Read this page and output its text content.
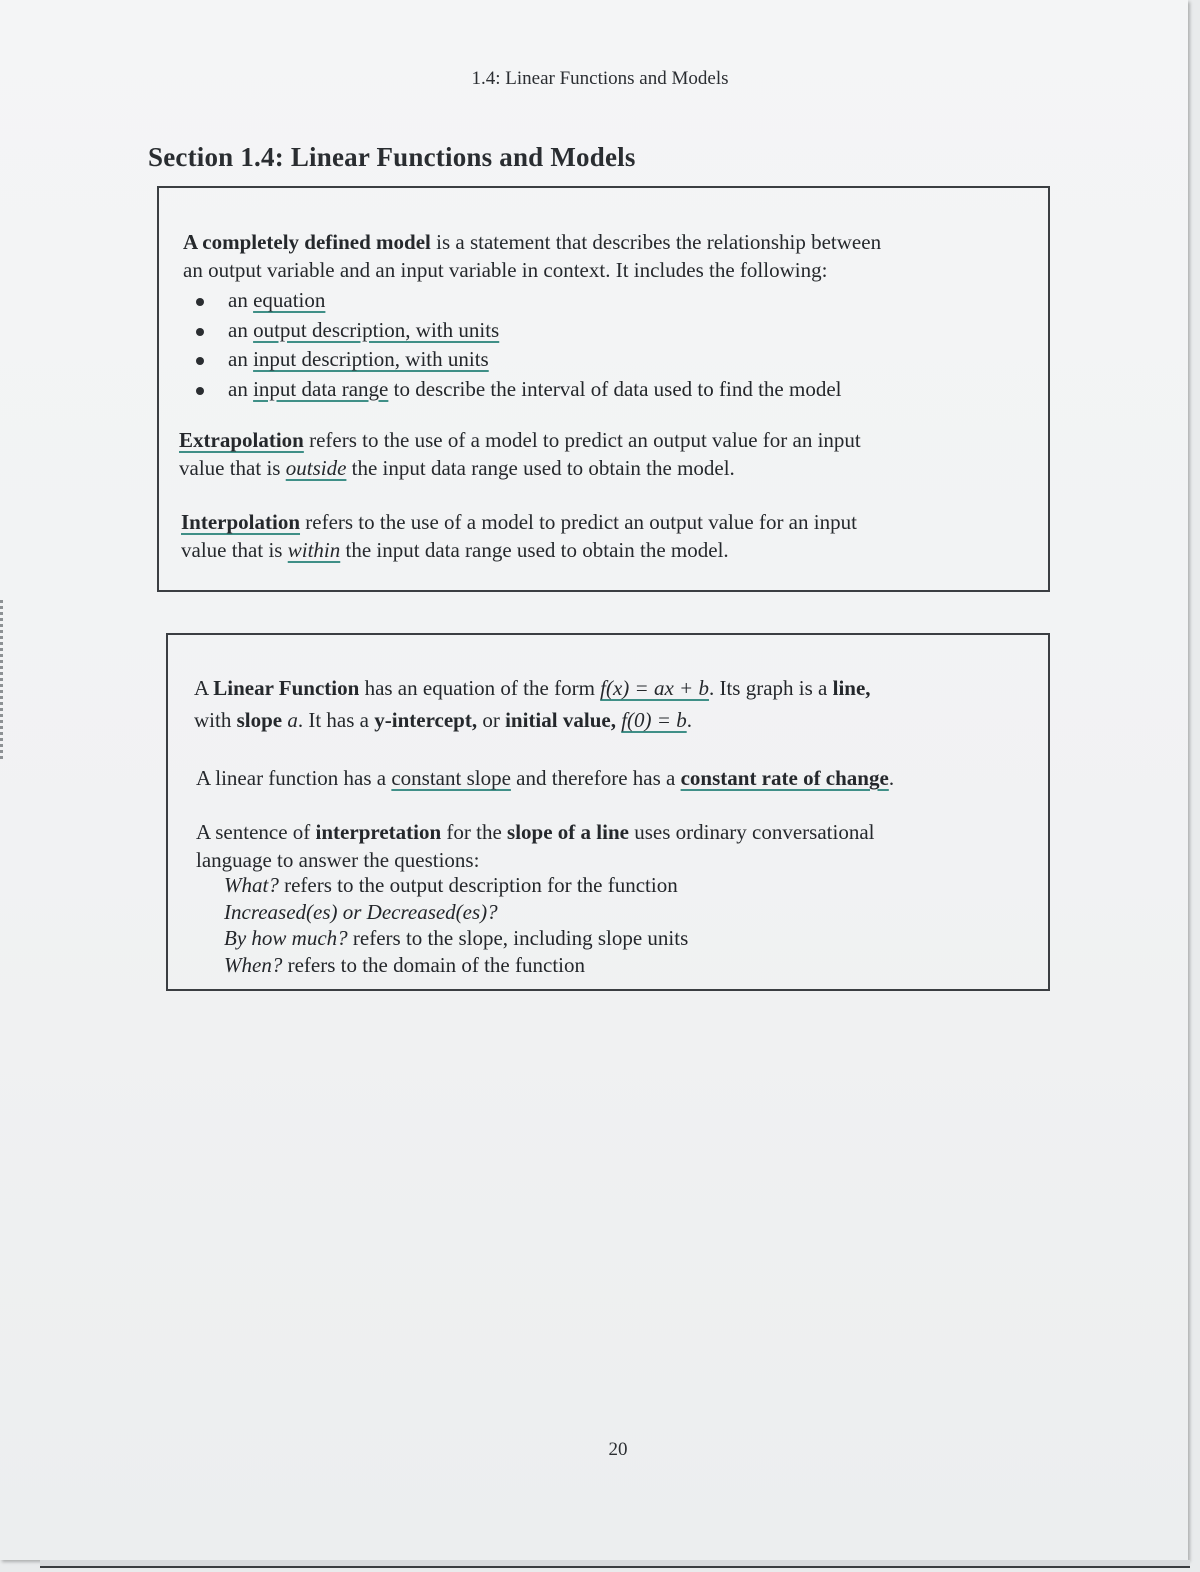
1.4: Linear Functions and Models
Section 1.4: Linear Functions and Models
A completely defined model is a statement that describes the relationship between
an output variable and an input variable in context. It includes the following:
an equation
an output description, with units
an input description, with units
an input data range to describe the interval of data used to find the model
Extrapolation refers to the use of a model to predict an output value for an input
value that is outside the input data range used to obtain the model.
Interpolation refers to the use of a model to predict an output value for an input
value that is within the input data range used to obtain the model.
A Linear Function has an equation of the form f(x) = ax + b. Its graph is a line,
with slope a. It has a y-intercept, or initial value, f(0) = b.
A linear function has a constant slope and therefore has a constant rate of change.
A sentence of interpretation for the slope of a line uses ordinary conversational
language to answer the questions:
What? refers to the output description for the function
Increased(es) or Decreased(es)?
By how much? refers to the slope, including slope units
When? refers to the domain of the function
20
